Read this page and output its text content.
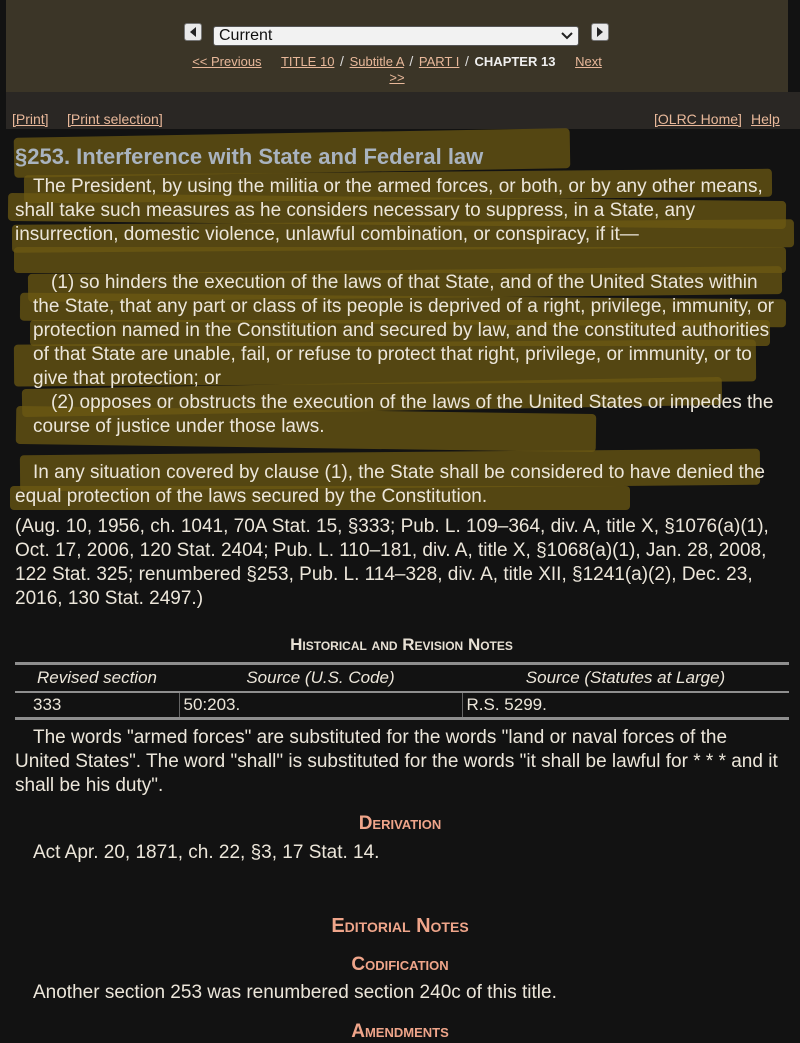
Current
<< Previous TITLE 10 / Subtitle A / PART I / CHAPTER 13 Next
>>
[Print] [Print selection]	[OLRC Home] Help
§253. Interference with State and Federal law

The President, by using the militia or the armed forces, or both, or by any other means, shall take such measures as he considers necessary to suppress, in a State, any insurrection, domestic violence, unlawful combination, or conspiracy, if it—

(1) so hinders the execution of the laws of that State, and of the United States within the State, that any part or class of its people is deprived of a right, privilege, immunity, or protection named in the Constitution and secured by law, and the constituted authorities of that State are unable, fail, or refuse to protect that right, privilege, or immunity, or to give that protection; or

(2) opposes or obstructs the execution of the laws of the United States or impedes the course of justice under those laws.

In any situation covered by clause (1), the State shall be considered to have denied the equal protection of the laws secured by the Constitution.

(Aug. 10, 1956, ch. 1041, 70A Stat. 15, §333; Pub. L. 109–364, div. A, title X, §1076(a)(1), Oct. 17, 2006, 120 Stat. 2404; Pub. L. 110–181, div. A, title X, §1068(a)(1), Jan. 28, 2008, 122 Stat. 325; renumbered §253, Pub. L. 114–328, div. A, title XII, §1241(a)(2), Dec. 23, 2016, 130 Stat. 2497.)

Historical and Revision Notes
Revised section	Source (U.S. Code)	Source (Statutes at Large)
333	50:203.	R.S. 5299.

The words "armed forces" are substituted for the words "land or naval forces of the United States". The word "shall" is substituted for the words "it shall be lawful for * * * and it shall be his duty".

Derivation

Act Apr. 20, 1871, ch. 22, §3, 17 Stat. 14.

Editorial Notes
Codification

Another section 253 was renumbered section 240c of this title.

Amendments
